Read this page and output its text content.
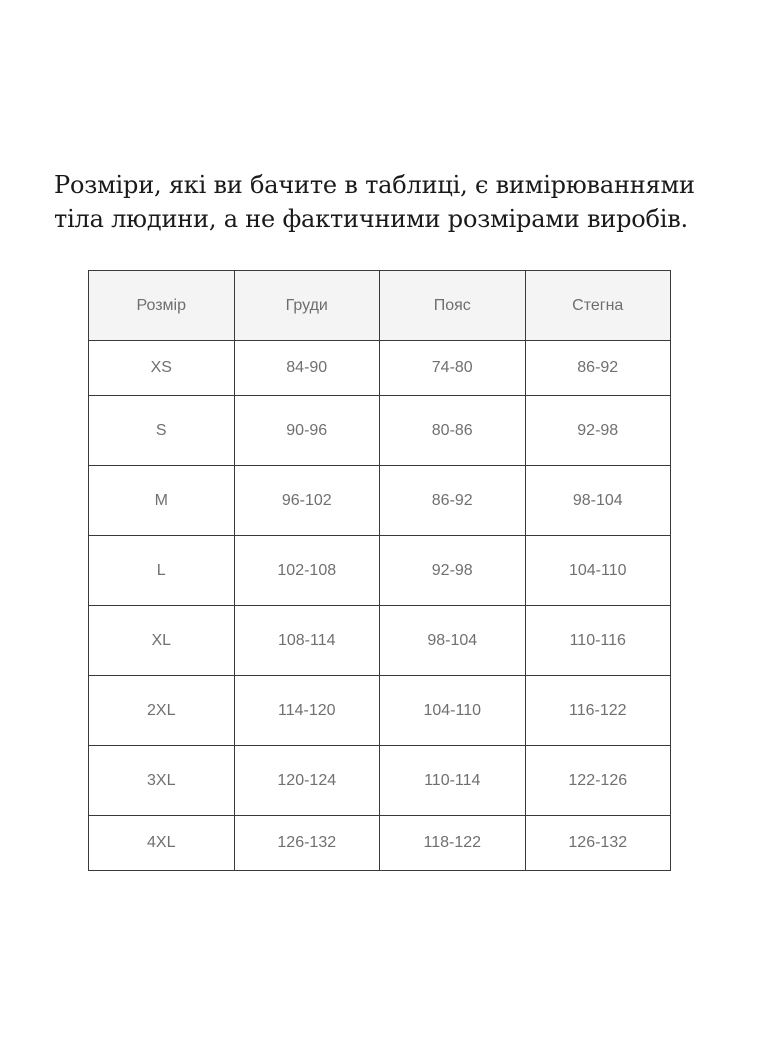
Розміри, які ви бачите в таблиці, є вимірюваннями тіла людини, а не фактичними розмірами виробів.

Розмір	Груди	Пояс	Стегна
XS	84-90	74-80	86-92
S	90-96	80-86	92-98
M	96-102	86-92	98-104
L	102-108	92-98	104-110
XL	108-114	98-104	110-116
2XL	114-120	104-110	116-122
3XL	120-124	110-114	122-126
4XL	126-132	118-122	126-132
